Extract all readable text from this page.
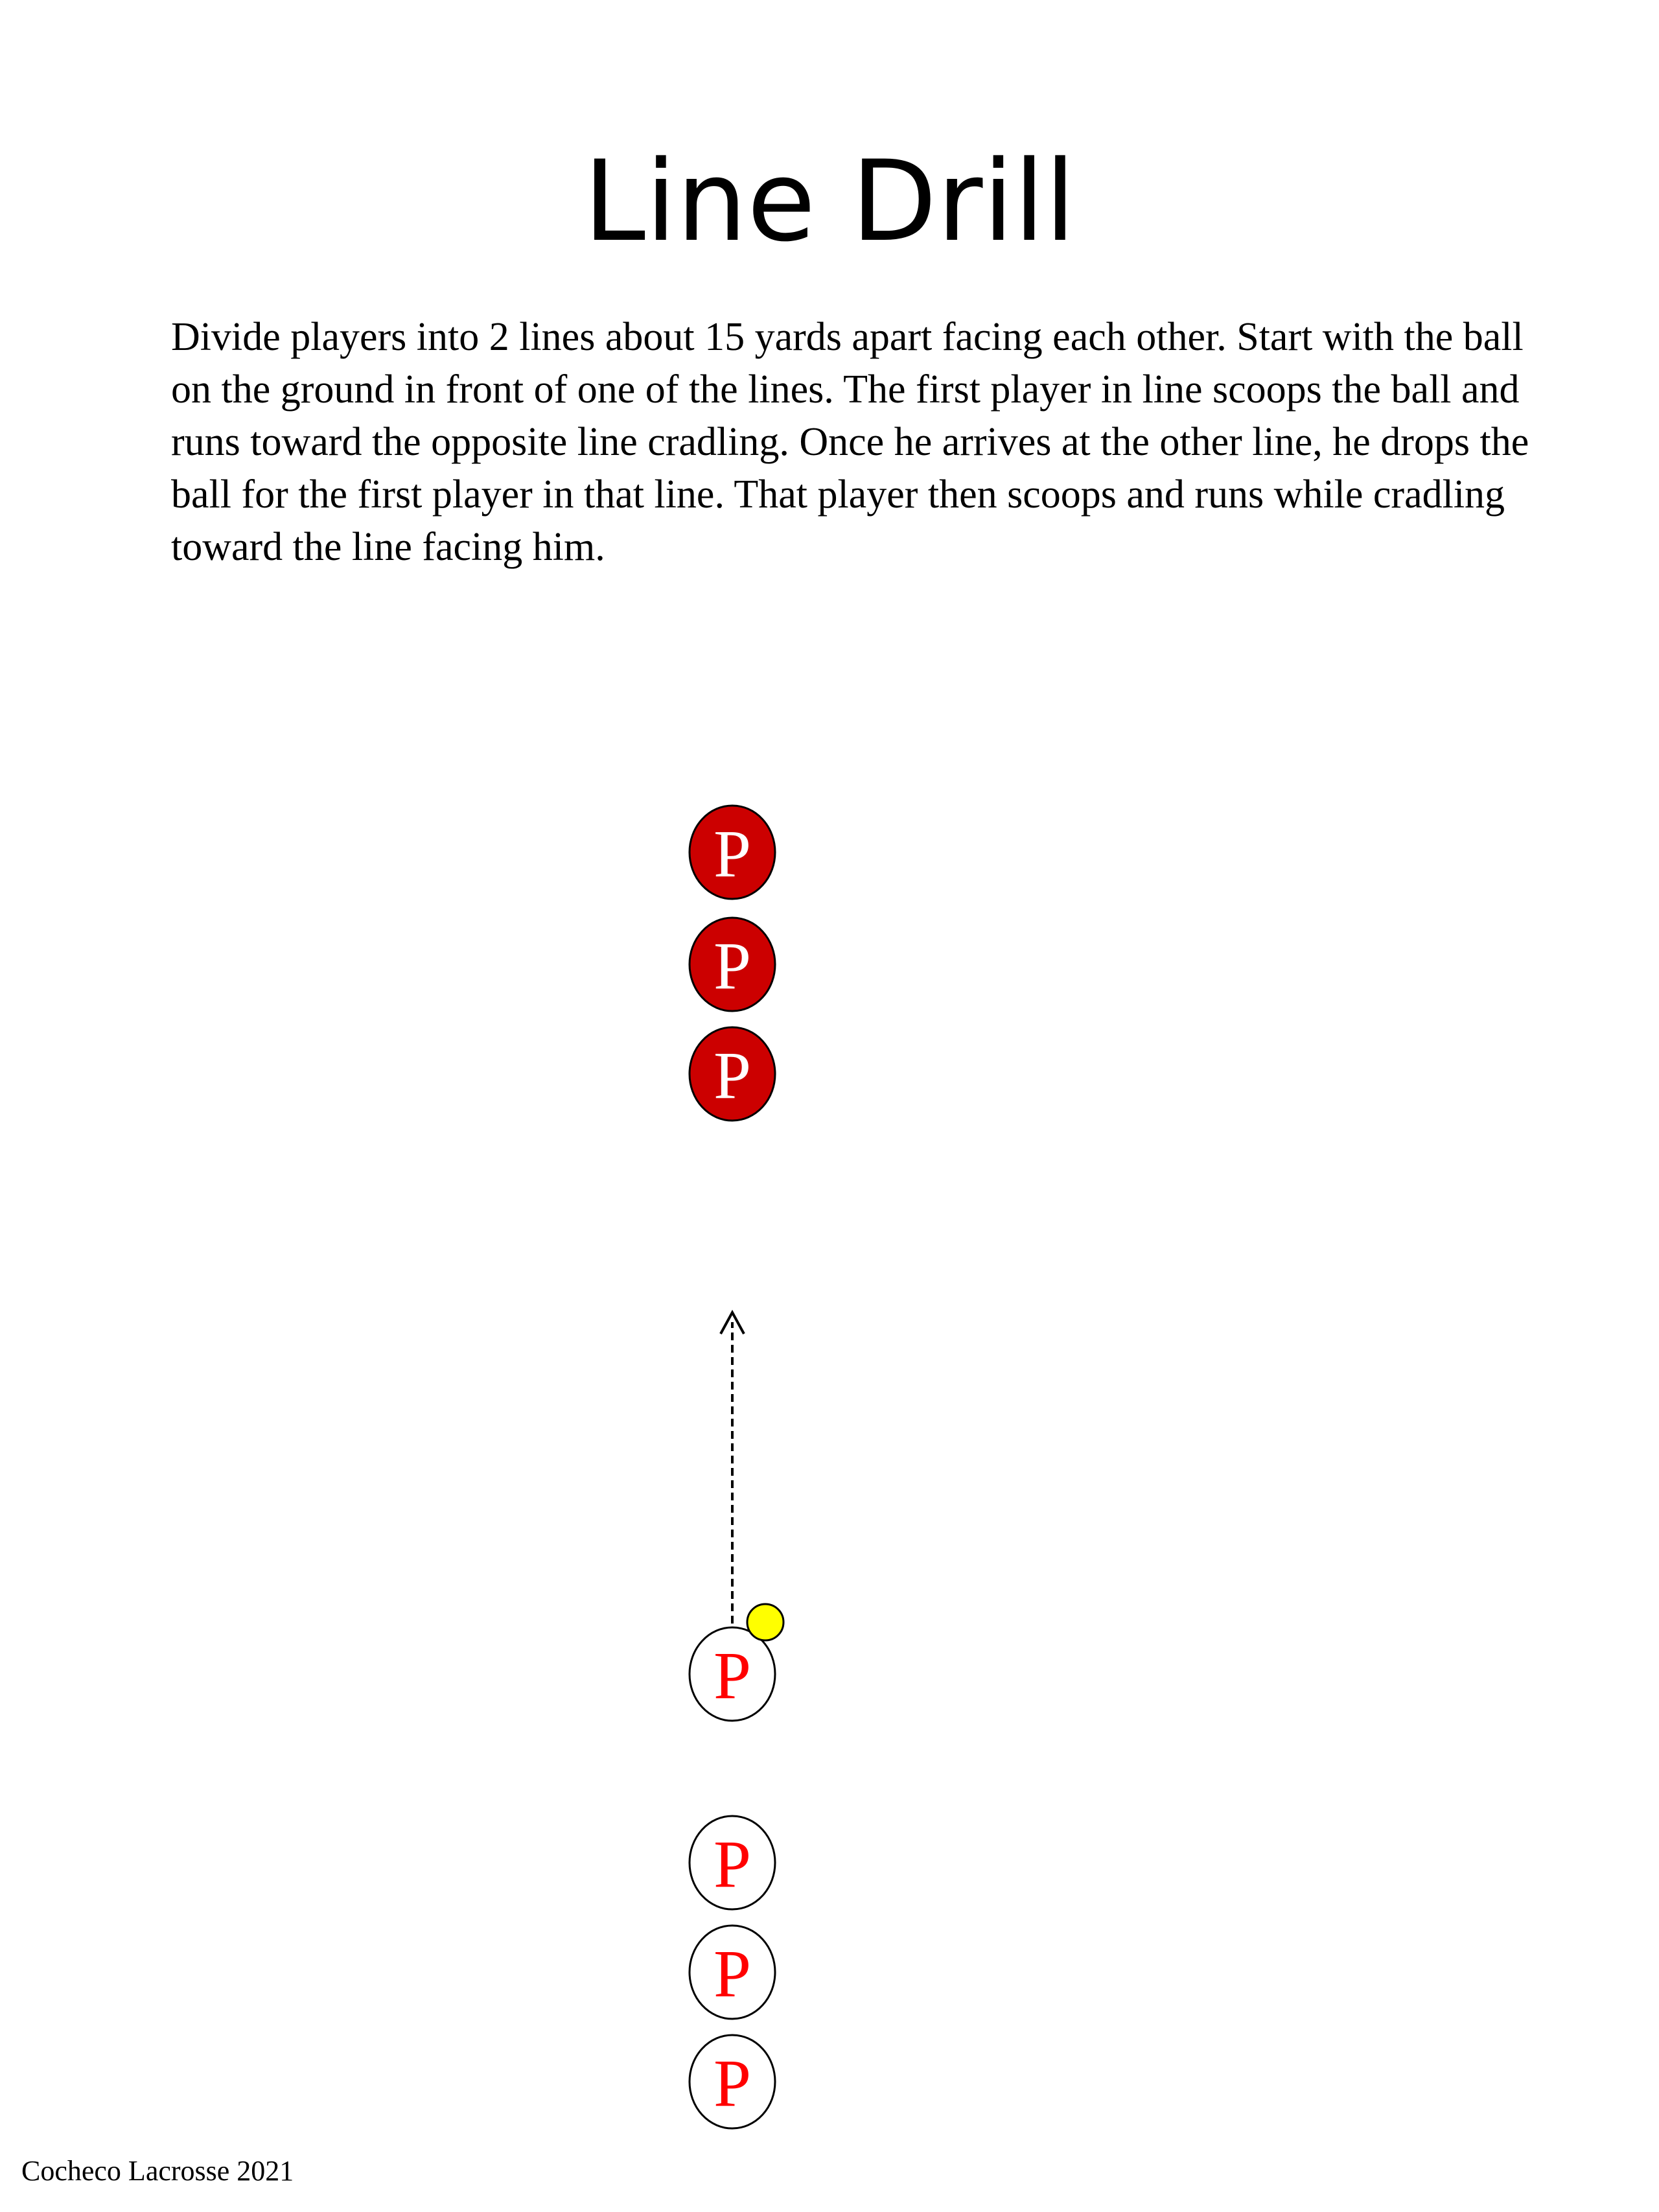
Line Drill

Divide players into 2 lines about 15 yards apart facing each other. Start with the ball on the ground in front of one of the lines. The first player in line scoops the ball and runs toward the opposite line cradling. Once he arrives at the other line, he drops the ball for the first player in that line. That player then scoops and runs while cradling toward the line facing him.

P
P
P
P
P
P
P

Cocheco Lacrosse 2021
